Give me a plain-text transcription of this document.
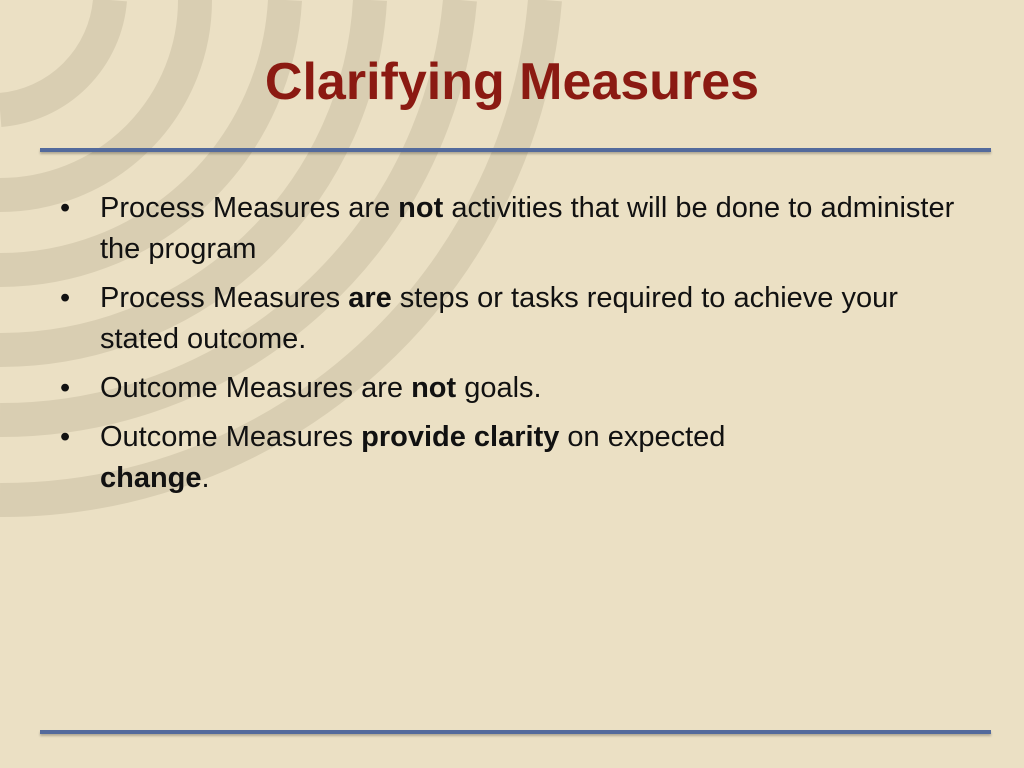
Clarifying Measures
•	Process Measures are not activities that will be done to administer the program
•	Process Measures are steps or tasks required to achieve your stated outcome.
•	Outcome Measures are not goals.
•	Outcome Measures provide clarity on expected
change.
